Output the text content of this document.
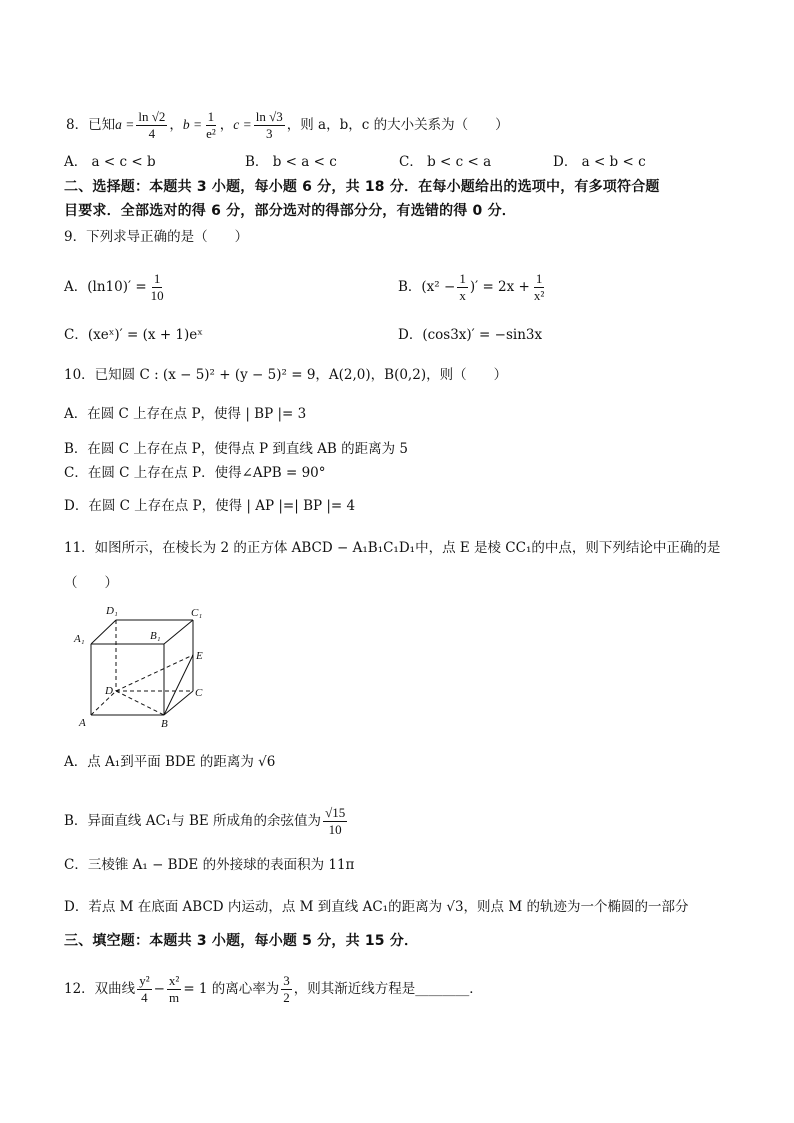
8．已知$a = \frac{\ln √2}{4}$ ，$b = \frac{1}{\text{e²}}$ ，$c = \frac{\ln √3}{3}$ ，则 a，b，c 的大小关系为（　　）
A． a < c < b	B． b < a < c	C． b < c < a	D． a < b < c
二、选择题：本题共 3 小题，每小题 6 分，共 18 分．在每小题给出的选项中，有多项符合题
目要求．全部选对的得 6 分，部分选对的得部分分，有选错的得 0 分．
9．下列求导正确的是（　　）
A．$(\ln 10)' = \frac{1}{10}$	B．($x^2 - \frac{1}{x}$ )′ = $2x + \frac{1}{\text{x²}}$
C．(xeˣ)′ = (x + 1)eˣ	D．(cos3x)′ = −sin3x
10．已知圆 C : (x − 5)² + (y − 5)² = 9，A(2,0)，B(0,2)，则（　　）
A．在圆 C 上存在点 P，使得 | BP |= 3
B．在圆 C 上存在点 P，使得点 P 到直线 AB 的距离为 5
C．在圆 C 上存在点 P．使得∠APB = 90°
D．在圆 C 上存在点 P，使得 | AP |=| BP |= 4
11．如图所示，在棱长为 2 的正方体 ABCD − A₁B₁C₁D₁中，点 E 是棱 CC₁的中点，则下列结论中正确的是
（　　）
D₁	C₁
A₁	B₁
E
D	C
A	B
A．点 A₁到平面 BDE 的距离为 √6
B．异面直线 AC₁与 BE 所成角的余弦值为 $\frac{√15}{10}$
C．三棱锥 A₁ − BDE 的外接球的表面积为 11π
D．若点 M 在底面 ABCD 内运动，点 M 到直线 AC₁的距离为 √3，则点 M 的轨迹为一个椭圆的一部分
三、填空题：本题共 3 小题，每小题 5 分，共 15 分．
12．双曲线 $\frac{\text{y²}}{4} - \frac{\text{x²}}{m} = 1$ 的离心率为 $\frac{3}{2}$ ，则其渐近线方程是________．
